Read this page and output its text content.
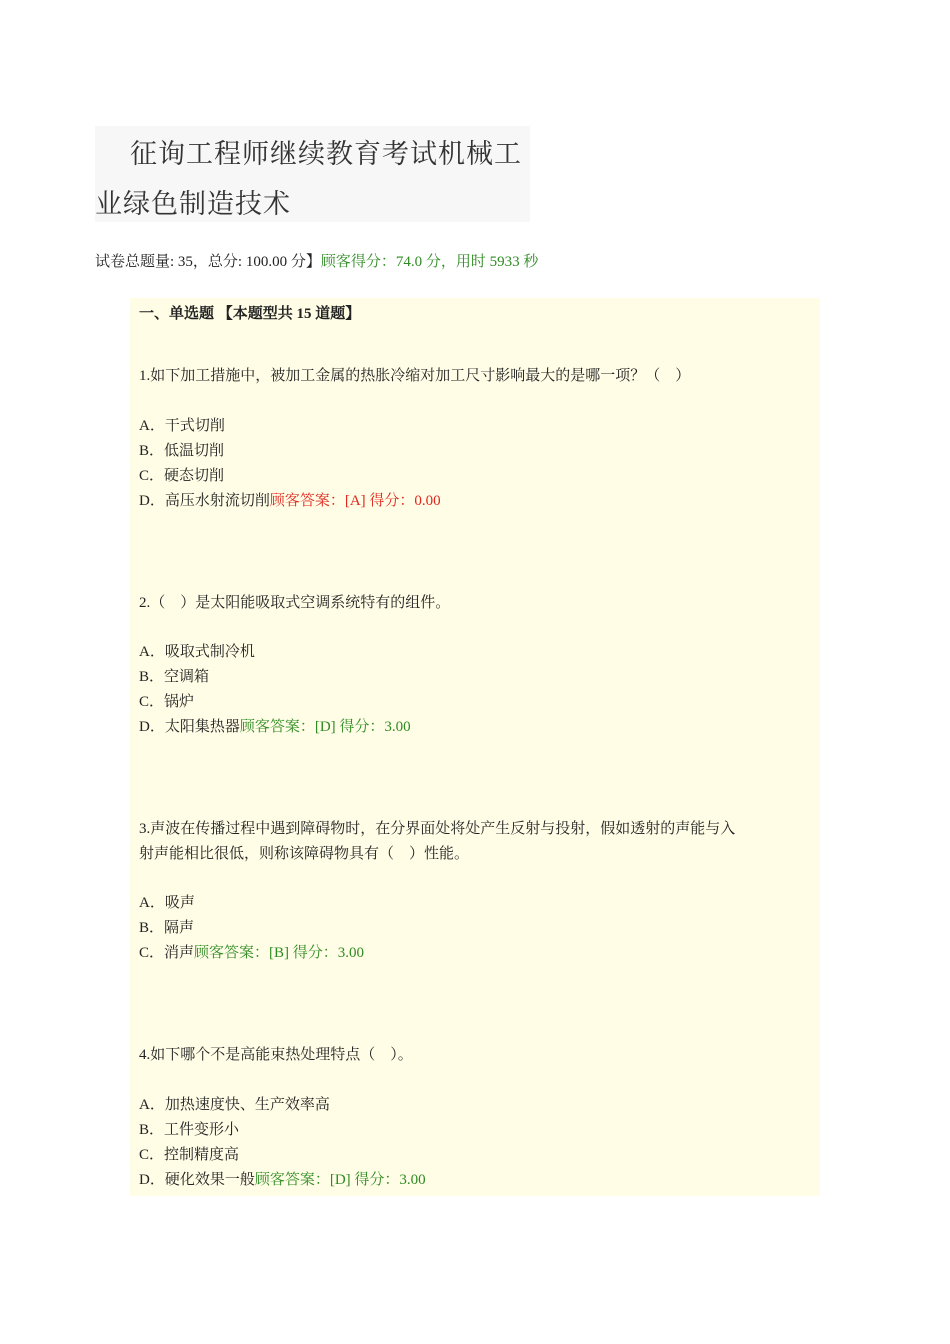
征询工程师继续教育考试机械工
业绿色制造技术
试卷总题量: 35，总分: 100.00 分】顾客得分：74.0 分，用时 5933 秒
一、单选题 【本题型共 15 道题】
1.如下加工措施中，被加工金属的热胀冷缩对加工尺寸影响最大的是哪一项？（　）
A．干式切削
B．低温切削
C．硬态切削
D．高压水射流切削顾客答案：[A] 得分：0.00
2.（　）是太阳能吸取式空调系统特有的组件。
A．吸取式制冷机
B．空调箱
C．锅炉
D．太阳集热器顾客答案：[D] 得分：3.00
3.声波在传播过程中遇到障碍物时，在分界面处将处产生反射与投射，假如透射的声能与入
射声能相比很低，则称该障碍物具有（　）性能。
A．吸声
B．隔声
C．消声顾客答案：[B] 得分：3.00
4.如下哪个不是高能束热处理特点（　）。
A．加热速度快、生产效率高
B．工件变形小
C．控制精度高
D．硬化效果一般顾客答案：[D] 得分：3.00
